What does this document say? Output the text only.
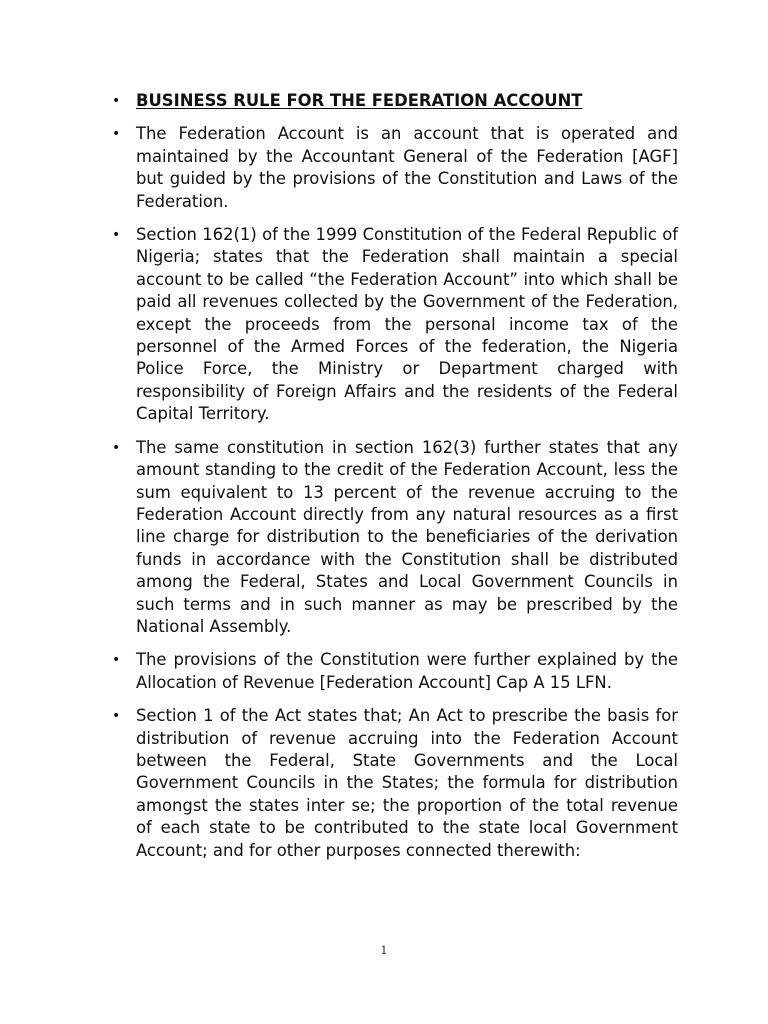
• BUSINESS RULE FOR THE FEDERATION ACCOUNT
• The Federation Account is an account that is operated and maintained by the Accountant General of the Federation [AGF] but guided by the provisions of the Constitution and Laws of the Federation.
• Section 162(1) of the 1999 Constitution of the Federal Republic of Nigeria; states that the Federation shall maintain a special account to be called “the Federation Account” into which shall be paid all revenues collected by the Government of the Federation, except the proceeds from the personal income tax of the personnel of the Armed Forces of the federation, the Nigeria Police Force, the Ministry or Department charged with responsibility of Foreign Affairs and the residents of the Federal Capital Territory.
• The same constitution in section 162(3) further states that any amount standing to the credit of the Federation Account, less the sum equivalent to 13 percent of the revenue accruing to the Federation Account directly from any natural resources as a first line charge for distribution to the beneficiaries of the derivation funds in accordance with the Constitution shall be distributed among the Federal, States and Local Government Councils in such terms and in such manner as may be prescribed by the National Assembly.
• The provisions of the Constitution were further explained by the Allocation of Revenue [Federation Account] Cap A 15 LFN.
• Section 1 of the Act states that; An Act to prescribe the basis for distribution of revenue accruing into the Federation Account between the Federal, State Governments and the Local Government Councils in the States; the formula for distribution amongst the states inter se; the proportion of the total revenue of each state to be contributed to the state local Government Account; and for other purposes connected therewith:
1
